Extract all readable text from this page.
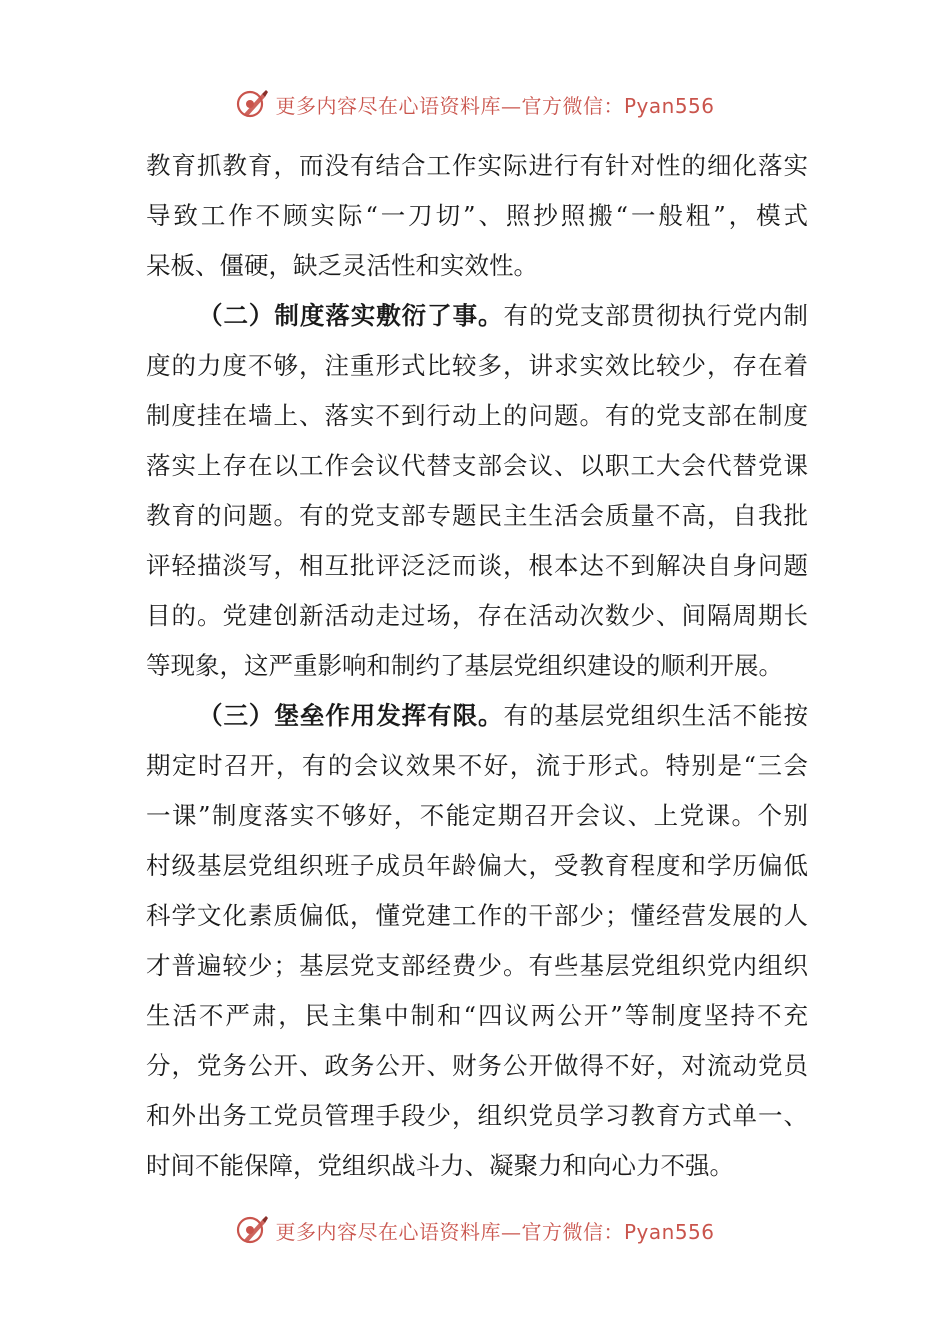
更多内容尽在心语资料库—官方微信：Pyan556
教育抓教育，而没有结合工作实际进行有针对性的细化落实
导致工作不顾实际“一刀切”、照抄照搬“一般粗”，模式
呆板、僵硬，缺乏灵活性和实效性。
（二）制度落实敷衍了事。有的党支部贯彻执行党内制
度的力度不够，注重形式比较多，讲求实效比较少，存在着
制度挂在墙上、落实不到行动上的问题。有的党支部在制度
落实上存在以工作会议代替支部会议、以职工大会代替党课
教育的问题。有的党支部专题民主生活会质量不高，自我批
评轻描淡写，相互批评泛泛而谈，根本达不到解决自身问题
目的。党建创新活动走过场，存在活动次数少、间隔周期长
等现象，这严重影响和制约了基层党组织建设的顺利开展。
（三）堡垒作用发挥有限。有的基层党组织生活不能按
期定时召开，有的会议效果不好，流于形式。特别是“三会
一课”制度落实不够好，不能定期召开会议、上党课。个别
村级基层党组织班子成员年龄偏大，受教育程度和学历偏低
科学文化素质偏低，懂党建工作的干部少；懂经营发展的人
才普遍较少；基层党支部经费少。有些基层党组织党内组织
生活不严肃，民主集中制和“四议两公开”等制度坚持不充
分，党务公开、政务公开、财务公开做得不好，对流动党员
和外出务工党员管理手段少，组织党员学习教育方式单一、
时间不能保障，党组织战斗力、凝聚力和向心力不强。
更多内容尽在心语资料库—官方微信：Pyan556
